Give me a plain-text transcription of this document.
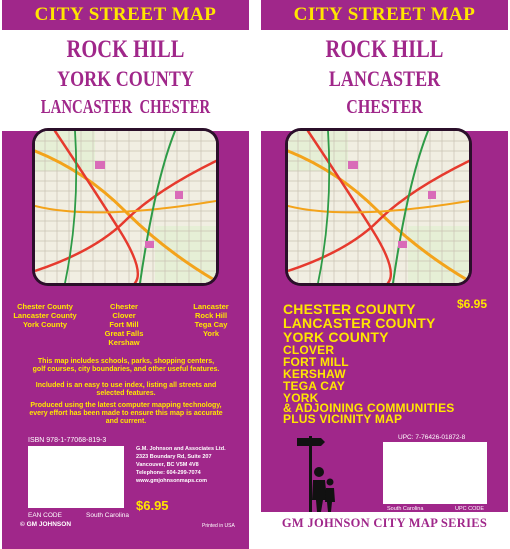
CITY STREET MAP
ROCK HILL
YORK COUNTY
LANCASTER  CHESTER
Chester County
Lancaster County
York County
Chester
Clover
Fort Mill
Great Falls
Kershaw
Lancaster
Rock Hill
Tega Cay
York
This map includes schools, parks, shopping centers, golf courses, city boundaries, and other useful features.
Included is an easy to use index, listing all streets and selected features.
Produced using the latest computer mapping technology, every effort has been made to ensure this map is accurate and current.
ISBN 978-1-77068-819-3
G.M. Johnson and Associates Ltd.
2323 Boundary Rd, Suite 207
Vancouver, BC V5M 4V8
Telephone: 604-299-7074
www.gmjohnsonmaps.com
$6.95
EAN CODE	South Carolina
© GM JOHNSON	Printed in USA
CITY STREET MAP
ROCK HILL
LANCASTER
CHESTER
$6.95
CHESTER COUNTY
LANCASTER COUNTY
YORK COUNTY
CLOVER
FORT MILL
KERSHAW
TEGA CAY
YORK
& ADJOINING COMMUNITIES
PLUS VICINITY MAP
UPC: 7-76426-01872-8
South Carolina	UPC CODE
GM JOHNSON CITY MAP SERIES
